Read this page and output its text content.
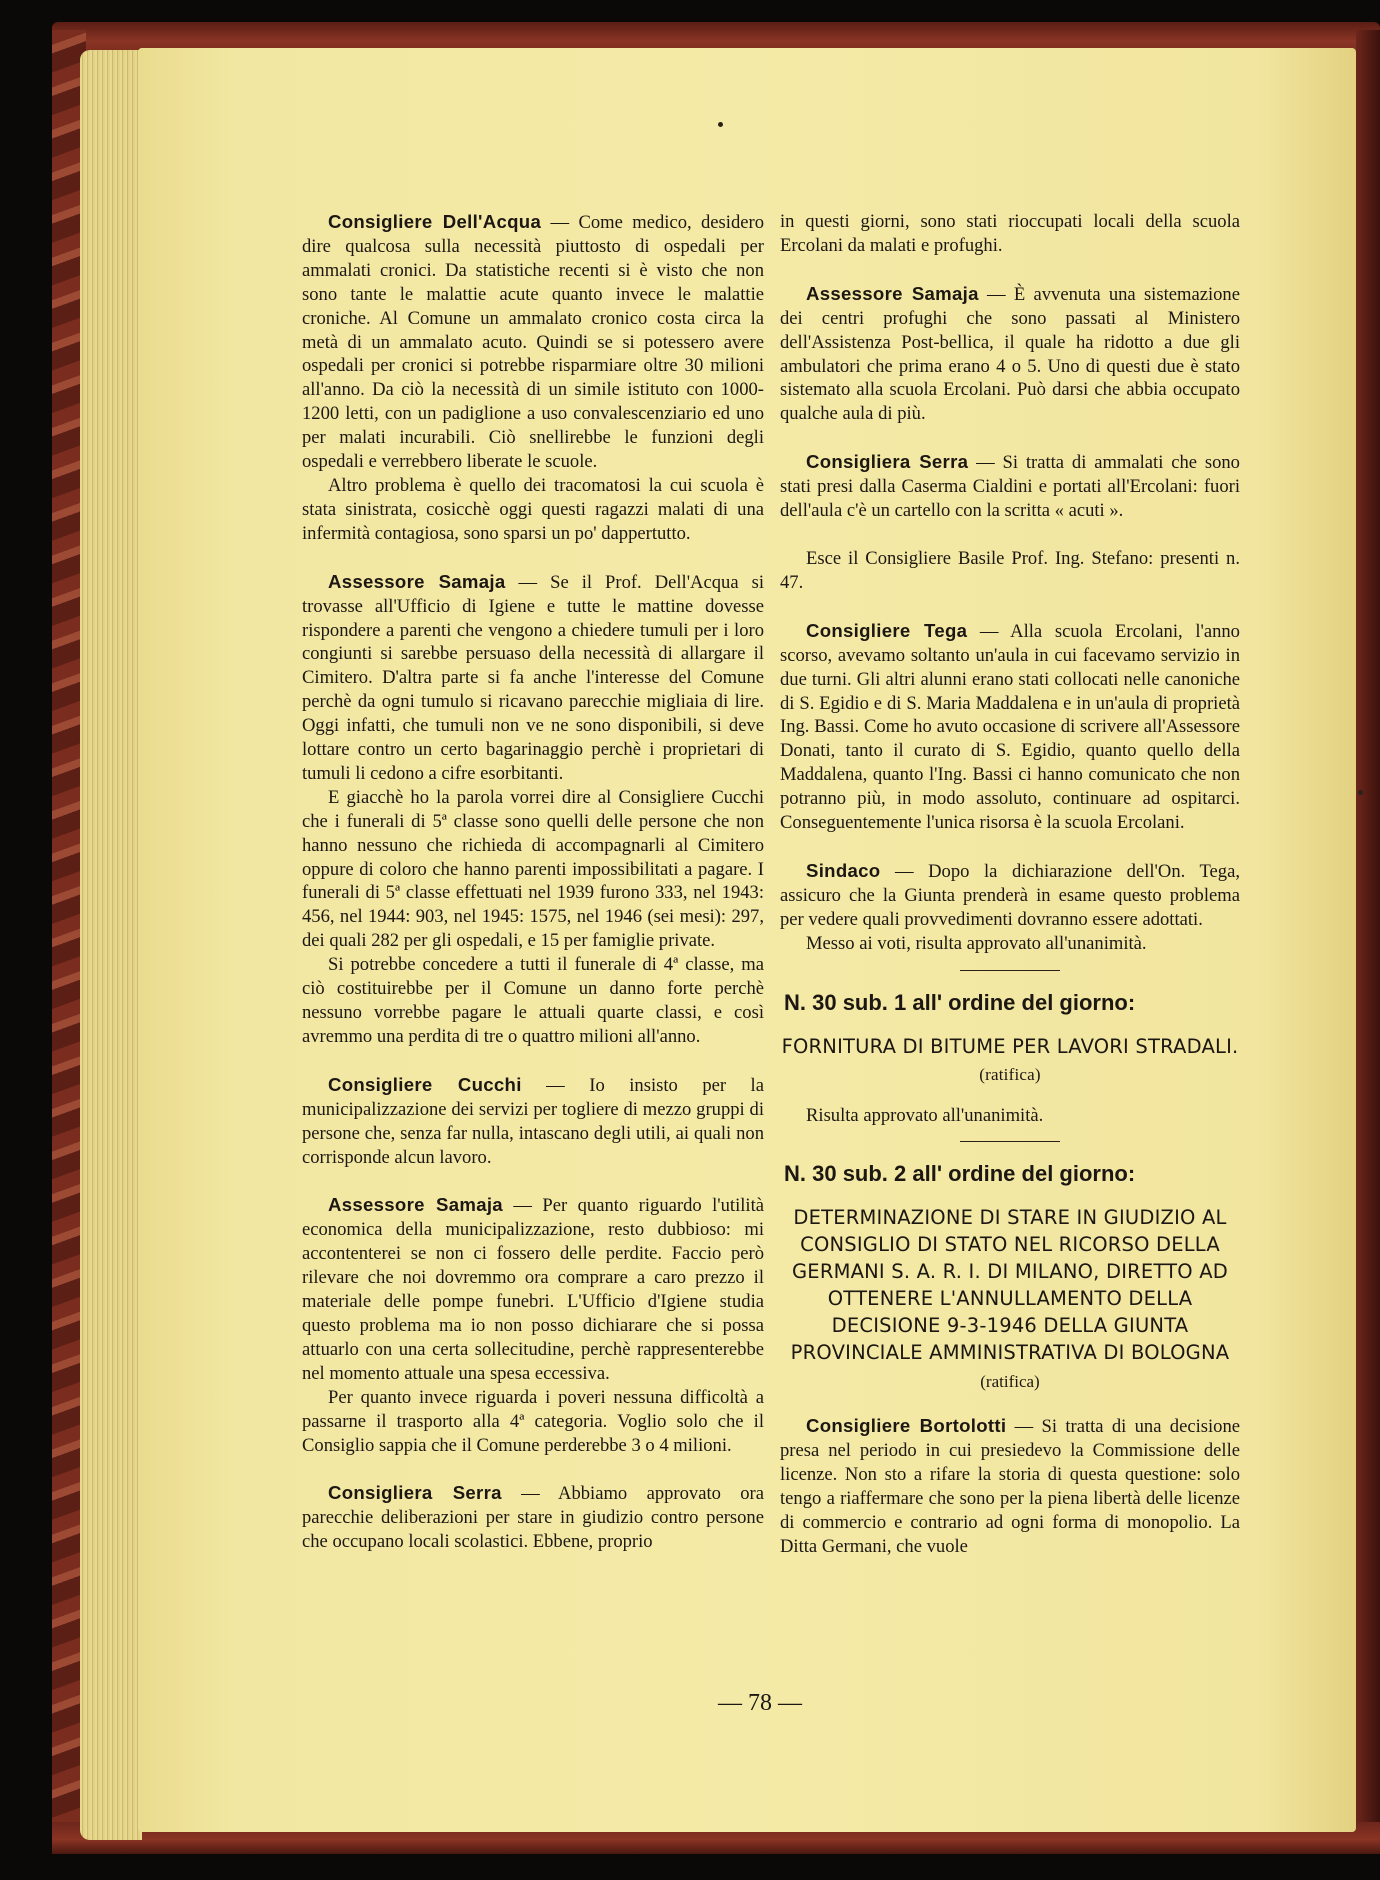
Consigliere Dell'Acqua — Come medico, desidero dire qualcosa sulla necessità piuttosto di ospedali per ammalati cronici. Da statistiche recenti si è visto che non sono tante le malattie acute quanto invece le malattie croniche. Al Comune un ammalato cronico costa circa la metà di un ammalato acuto. Quindi se si potessero avere ospedali per cronici si potrebbe risparmiare oltre 30 milioni all'anno. Da ciò la necessità di un simile istituto con 1000-1200 letti, con un padiglione a uso convalescenziario ed uno per malati incurabili. Ciò snellirebbe le funzioni degli ospedali e verrebbero liberate le scuole.

Altro problema è quello dei tracomatosi la cui scuola è stata sinistrata, cosicchè oggi questi ragazzi malati di una infermità contagiosa, sono sparsi un po' dappertutto.

Assessore Samaja — Se il Prof. Dell'Acqua si trovasse all'Ufficio di Igiene e tutte le mattine dovesse rispondere a parenti che vengono a chiedere tumuli per i loro congiunti si sarebbe persuaso della necessità di allargare il Cimitero. D'altra parte si fa anche l'interesse del Comune perchè da ogni tumulo si ricavano parecchie migliaia di lire. Oggi infatti, che tumuli non ve ne sono disponibili, si deve lottare contro un certo bagarinaggio perchè i proprietari di tumuli li cedono a cifre esorbitanti.

E giacchè ho la parola vorrei dire al Consigliere Cucchi che i funerali di 5ª classe sono quelli delle persone che non hanno nessuno che richieda di accompagnarli al Cimitero oppure di coloro che hanno parenti impossibilitati a pagare. I funerali di 5ª classe effettuati nel 1939 furono 333, nel 1943: 456, nel 1944: 903, nel 1945: 1575, nel 1946 (sei mesi): 297, dei quali 282 per gli ospedali, e 15 per famiglie private.

Si potrebbe concedere a tutti il funerale di 4ª classe, ma ciò costituirebbe per il Comune un danno forte perchè nessuno vorrebbe pagare le attuali quarte classi, e così avremmo una perdita di tre o quattro milioni all'anno.

Consigliere Cucchi — Io insisto per la municipalizzazione dei servizi per togliere di mezzo gruppi di persone che, senza far nulla, intascano degli utili, ai quali non corrisponde alcun lavoro.

Assessore Samaja — Per quanto riguardo l'utilità economica della municipalizzazione, resto dubbioso: mi accontenterei se non ci fossero delle perdite. Faccio però rilevare che noi dovremmo ora comprare a caro prezzo il materiale delle pompe funebri. L'Ufficio d'Igiene studia questo problema ma io non posso dichiarare che si possa attuarlo con una certa sollecitudine, perchè rappresenterebbe nel momento attuale una spesa eccessiva.

Per quanto invece riguarda i poveri nessuna difficoltà a passarne il trasporto alla 4ª categoria. Voglio solo che il Consiglio sappia che il Comune perderebbe 3 o 4 milioni.

Consigliera Serra — Abbiamo approvato ora parecchie deliberazioni per stare in giudizio contro persone che occupano locali scolastici. Ebbene, proprio

in questi giorni, sono stati rioccupati locali della scuola Ercolani da malati e profughi.

Assessore Samaja — È avvenuta una sistemazione dei centri profughi che sono passati al Ministero dell'Assistenza Post-bellica, il quale ha ridotto a due gli ambulatori che prima erano 4 o 5. Uno di questi due è stato sistemato alla scuola Ercolani. Può darsi che abbia occupato qualche aula di più.

Consigliera Serra — Si tratta di ammalati che sono stati presi dalla Caserma Cialdini e portati all'Ercolani: fuori dell'aula c'è un cartello con la scritta « acuti ».

Esce il Consigliere Basile Prof. Ing. Stefano: presenti n. 47.

Consigliere Tega — Alla scuola Ercolani, l'anno scorso, avevamo soltanto un'aula in cui facevamo servizio in due turni. Gli altri alunni erano stati collocati nelle canoniche di S. Egidio e di S. Maria Maddalena e in un'aula di proprietà Ing. Bassi. Come ho avuto occasione di scrivere all'Assessore Donati, tanto il curato di S. Egidio, quanto quello della Maddalena, quanto l'Ing. Bassi ci hanno comunicato che non potranno più, in modo assoluto, continuare ad ospitarci. Conseguentemente l'unica risorsa è la scuola Ercolani.

Sindaco — Dopo la dichiarazione dell'On. Tega, assicuro che la Giunta prenderà in esame questo problema per vedere quali provvedimenti dovranno essere adottati.

Messo ai voti, risulta approvato all'unanimità.

N. 30 sub. 1 all' ordine del giorno:

FORNITURA DI BITUME PER LAVORI STRADALI. (ratifica)

Risulta approvato all'unanimità.

N. 30 sub. 2 all' ordine del giorno:

DETERMINAZIONE DI STARE IN GIUDIZIO AL CONSIGLIO DI STATO NEL RICORSO DELLA GERMANI S. A. R. I. DI MILANO, DIRETTO AD OTTENERE L'ANNULLAMENTO DELLA DECISIONE 9-3-1946 DELLA GIUNTA PROVINCIALE AMMINISTRATIVA DI BOLOGNA

(ratifica)

Consigliere Bortolotti — Si tratta di una decisione presa nel periodo in cui presiedevo la Commissione delle licenze. Non sto a rifare la storia di questa questione: solo tengo a riaffermare che sono per la piena libertà delle licenze di commercio e contrario ad ogni forma di monopolio. La Ditta Germani, che vuole

— 78 —
